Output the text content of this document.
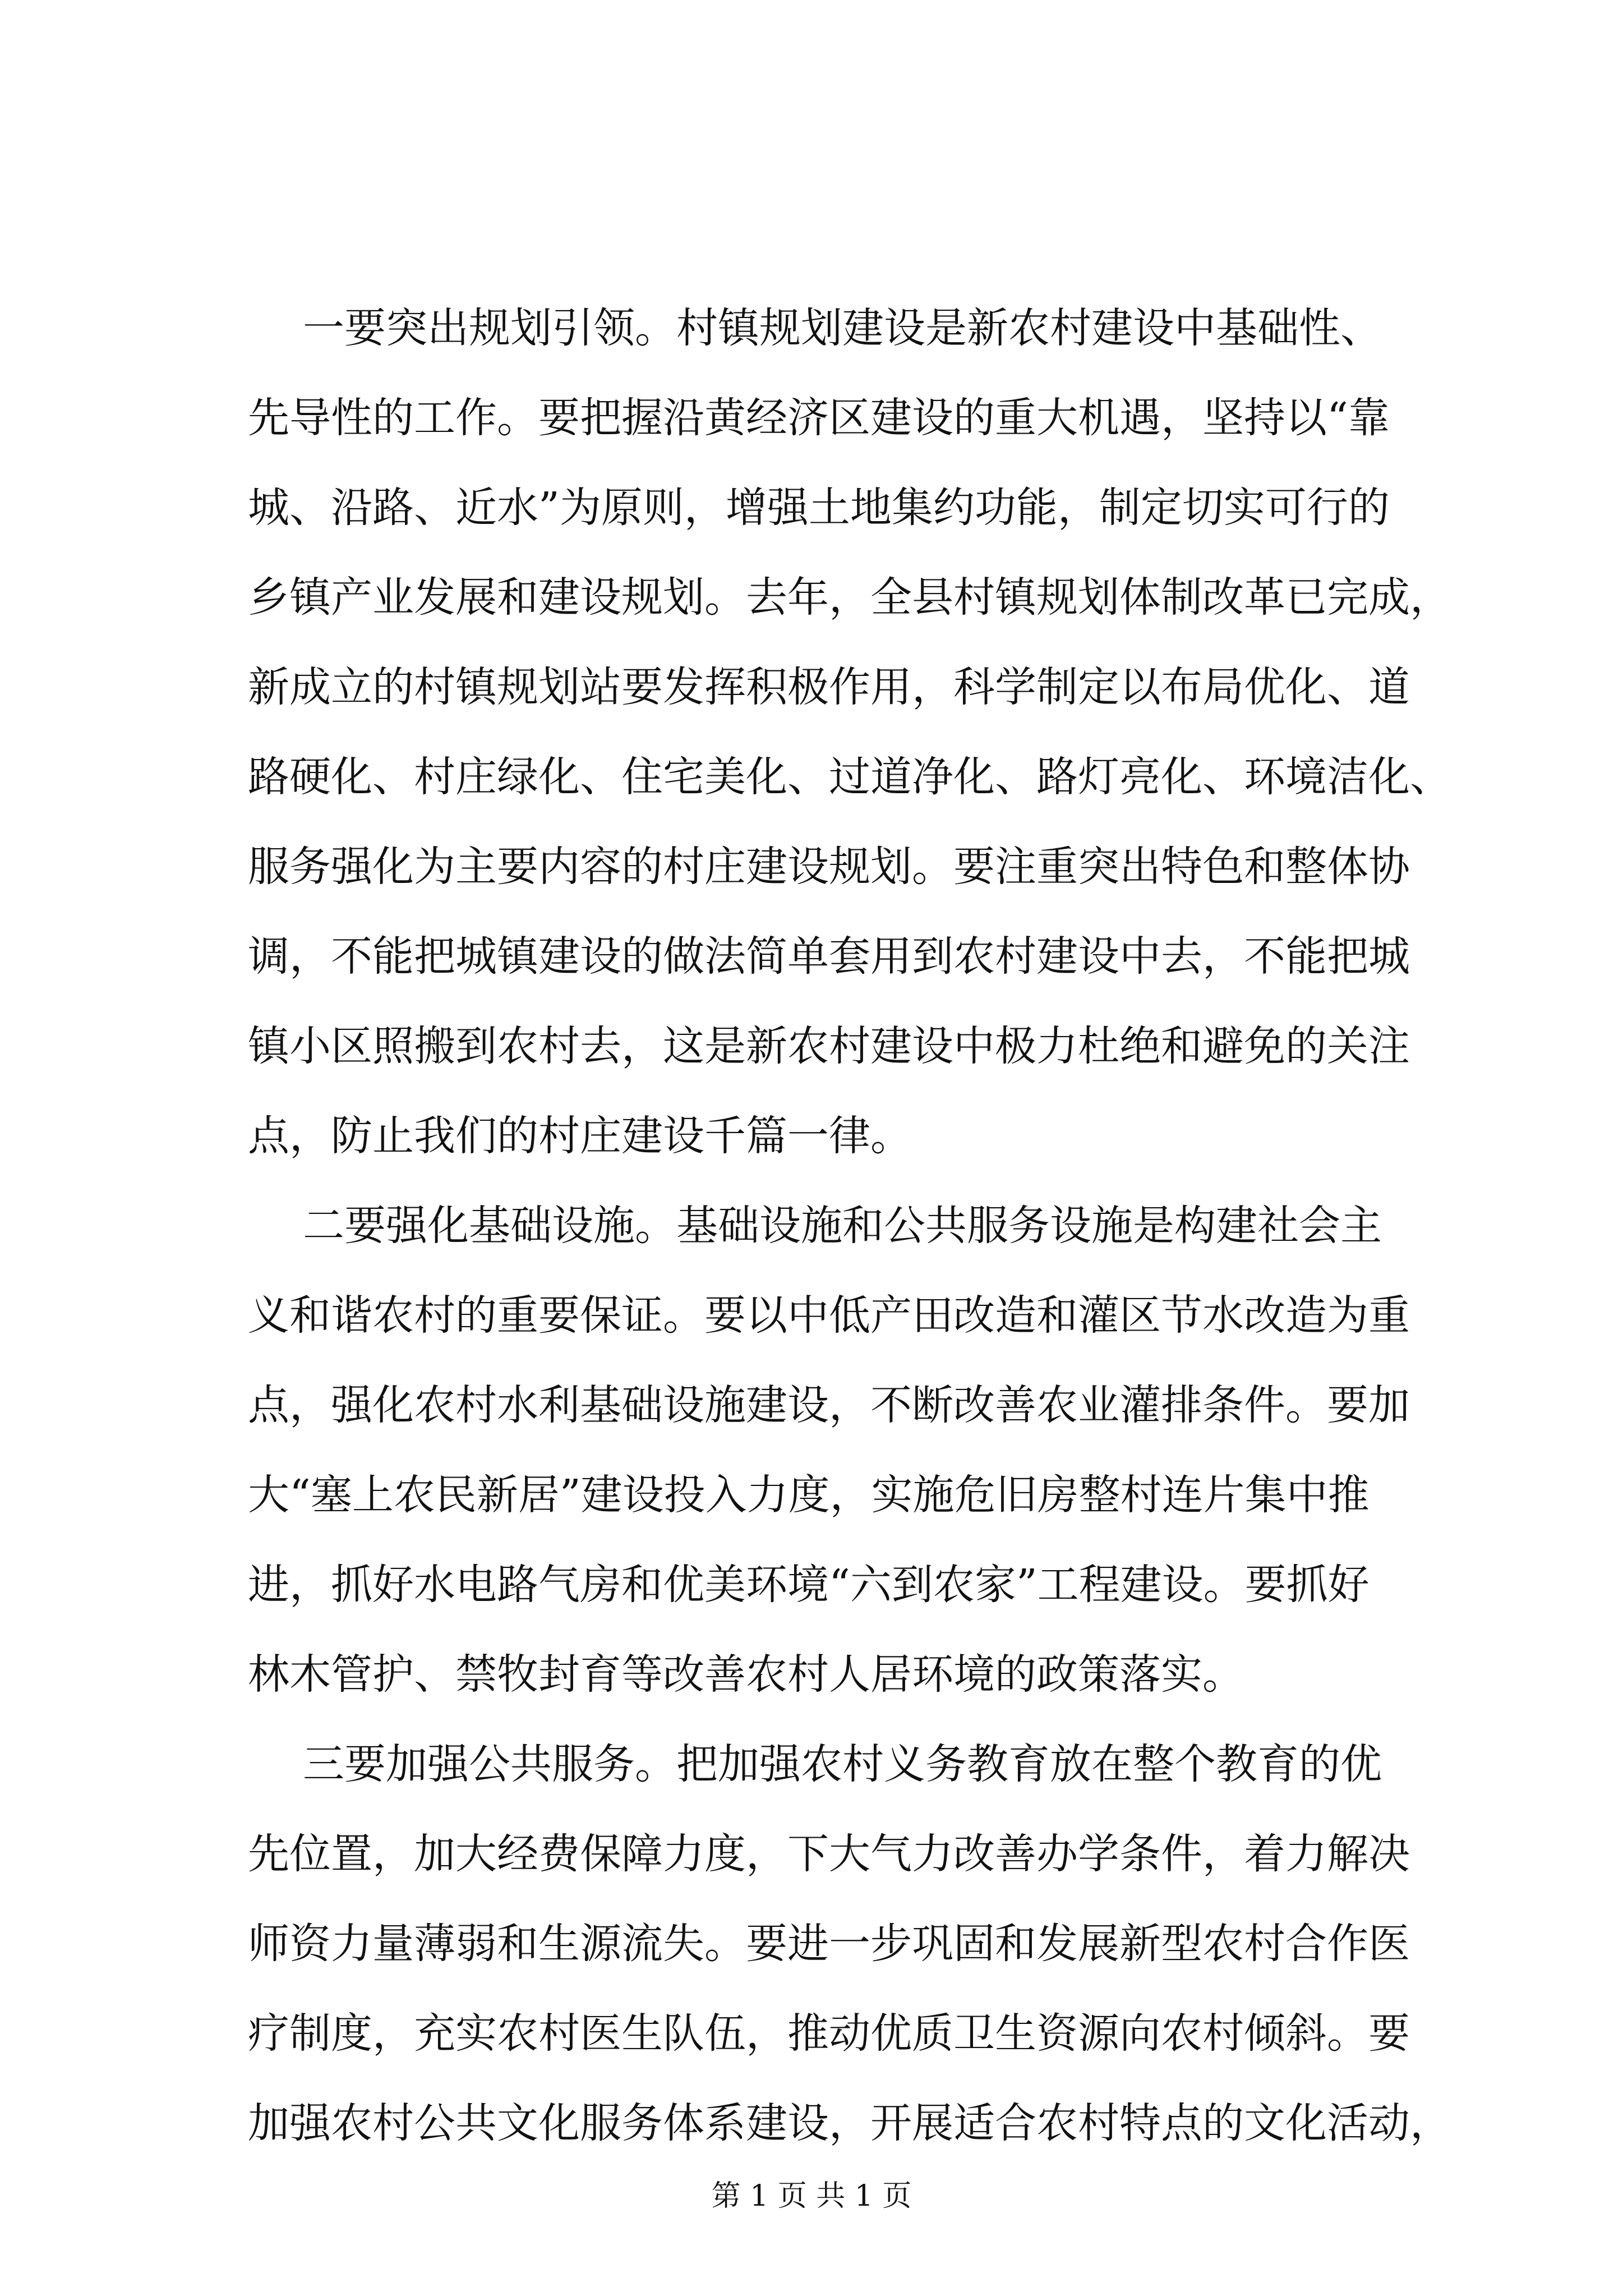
一要突出规划引领。村镇规划建设是新农村建设中基础性、
先导性的工作。要把握沿黄经济区建设的重大机遇，坚持以“靠
城、沿路、近水”为原则，增强土地集约功能，制定切实可行的
乡镇产业发展和建设规划。去年，全县村镇规划体制改革已完成，
新成立的村镇规划站要发挥积极作用，科学制定以布局优化、道
路硬化、村庄绿化、住宅美化、过道净化、路灯亮化、环境洁化、
服务强化为主要内容的村庄建设规划。要注重突出特色和整体协
调，不能把城镇建设的做法简单套用到农村建设中去，不能把城
镇小区照搬到农村去，这是新农村建设中极力杜绝和避免的关注
点，防止我们的村庄建设千篇一律。
二要强化基础设施。基础设施和公共服务设施是构建社会主
义和谐农村的重要保证。要以中低产田改造和灌区节水改造为重
点，强化农村水利基础设施建设，不断改善农业灌排条件。要加
大“塞上农民新居”建设投入力度，实施危旧房整村连片集中推
进，抓好水电路气房和优美环境“六到农家”工程建设。要抓好
林木管护、禁牧封育等改善农村人居环境的政策落实。
三要加强公共服务。把加强农村义务教育放在整个教育的优
先位置，加大经费保障力度，下大气力改善办学条件，着力解决
师资力量薄弱和生源流失。要进一步巩固和发展新型农村合作医
疗制度，充实农村医生队伍，推动优质卫生资源向农村倾斜。要
加强农村公共文化服务体系建设，开展适合农村特点的文化活动，
第 1 页 共 1 页
